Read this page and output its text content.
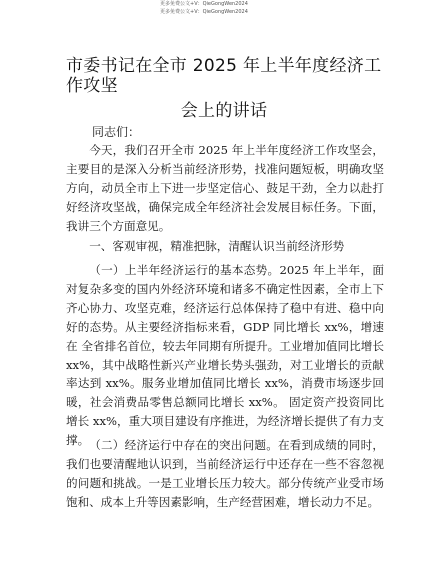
更多免费公文+V：QieGongWen2024
更多免费公文+V：QieGongWen2024
市委书记在全市 2025 年上半年度经济工作攻坚
会上的讲话
同志们：
今天，我们召开全市 2025 年上半年度经济工作攻坚会，主要目的是深入分析当前经济形势，找准问题短板，明确攻坚 方向，动员全市上下进一步坚定信心、鼓足干劲，全力以赴打 好经济攻坚战，确保完成全年经济社会发展目标任务。下面，我讲三个方面意见。
一、客观审视，精准把脉，清醒认识当前经济形势
（一）上半年经济运行的基本态势。2025 年上半年，面 对复杂多变的国内外经济环境和诸多不确定性因素，全市上下 齐心协力、攻坚克难，经济运行总体保持了稳中有进、稳中向 好的态势。从主要经济指标来看，GDP 同比增长 xx%，增速在 全省排名首位，较去年同期有所提升。工业增加值同比增长 xx%，其中战略性新兴产业增长势头强劲，对工业增长的贡献 率达到 xx%。服务业增加值同比增长 xx%，消费市场逐步回暖，社会消费品零售总额同比增长 xx%。 固定资产投资同比增长 xx%，重大项目建设有序推进，为经济增长提供了有力支撑。 （二）经济运行中存在的突出问题。在看到成绩的同时，我们也要清醒地认识到，当前经济运行中还存在一些不容忽视的问题和挑战。一是工业增长压力较大。部分传统产业受市场饱和、成本上升等因素影响，生产经营困难，增长动力不足。
